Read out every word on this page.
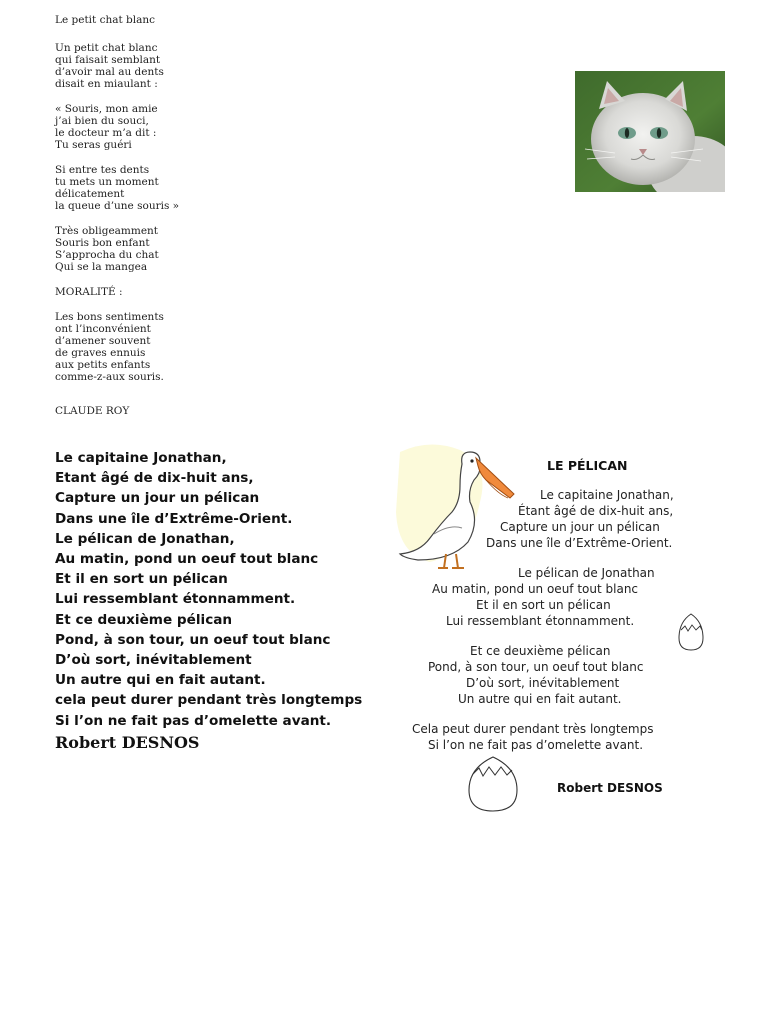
Le petit chat blanc
Un petit chat blanc
qui faisait semblant
d’avoir mal au dents
disait en miaulant :
« Souris, mon amie
j’ai bien du souci,
le docteur m’a dit :
Tu seras guéri
Si entre tes dents
tu mets un moment
délicatement
la queue d’une souris »
Très obligeamment
Souris bon enfant
S’approcha du chat
Qui se la mangea
MORALITÉ :
Les bons sentiments
ont l’inconvénient
d’amener souvent
de graves ennuis
aux petits enfants
comme-z-aux souris.
CLAUDE ROY
Le capitaine Jonathan,
Etant âgé de dix-huit ans,
Capture un jour un pélican
Dans une île d’Extrême-Orient.
Le pélican de Jonathan,
Au matin, pond un oeuf tout blanc
Et il en sort un pélican
Lui ressemblant étonnamment.
Et ce deuxième pélican
Pond, à son tour, un oeuf tout blanc
D’où sort, inévitablement
Un autre qui en fait autant.
cela peut durer pendant très longtemps
Si l’on ne fait pas d’omelette avant.
Robert DESNOS
LE PÉLICAN
Le capitaine Jonathan,
Étant âgé de dix-huit ans,
Capture un jour un pélican
Dans une île d’Extrême-Orient.
Le pélican de Jonathan
Au matin, pond un oeuf tout blanc
Et il en sort un pélican
Lui ressemblant étonnamment.
Et ce deuxième pélican
Pond, à son tour, un oeuf tout blanc
D’où sort, inévitablement
Un autre qui en fait autant.
Cela peut durer pendant très longtemps
Si l’on ne fait pas d’omelette avant.
Robert DESNOS
